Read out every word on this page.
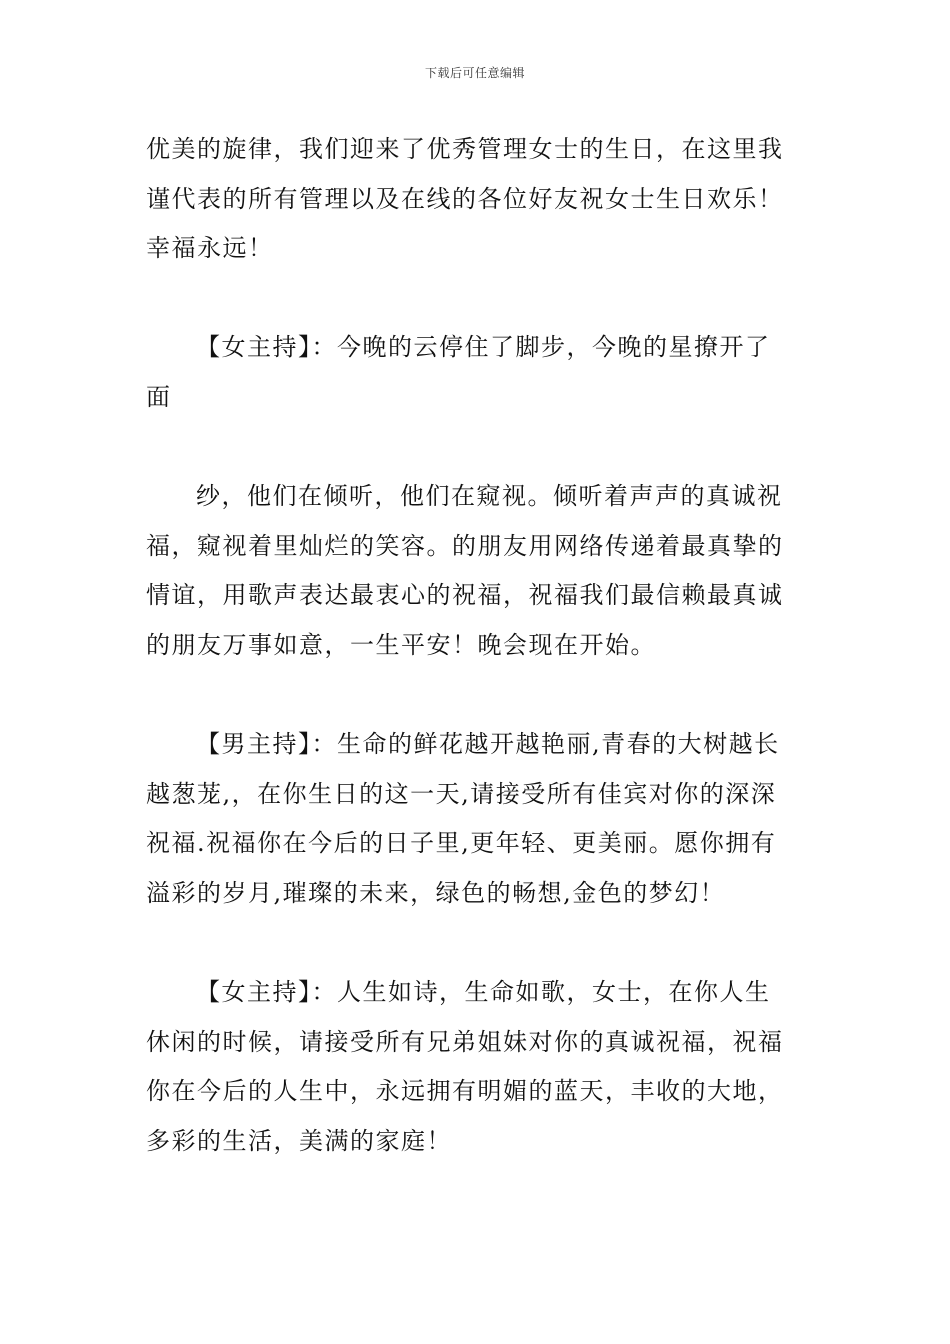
下载后可任意编辑
优美的旋律，我们迎来了优秀管理女士的生日，在这里我
谨代表的所有管理以及在线的各位好友祝女士生日欢乐！
幸福永远！
【女主持】：今晚的云停住了脚步，今晚的星撩开了
面
纱，他们在倾听，他们在窥视。倾听着声声的真诚祝
福，窥视着里灿烂的笑容。的朋友用网络传递着最真挚的
情谊，用歌声表达最衷心的祝福，祝福我们最信赖最真诚
的朋友万事如意，一生平安！晚会现在开始。
【男主持】：生命的鲜花越开越艳丽,青春的大树越长
越葱茏,，在你生日的这一天,请接受所有佳宾对你的深深
祝福.祝福你在今后的日子里,更年轻、更美丽。愿你拥有
溢彩的岁月,璀璨的未来，绿色的畅想,金色的梦幻！
【女主持】：人生如诗，生命如歌，女士，在你人生
休闲的时候，请接受所有兄弟姐妹对你的真诚祝福，祝福
你在今后的人生中，永远拥有明媚的蓝天，丰收的大地，
多彩的生活，美满的家庭！
